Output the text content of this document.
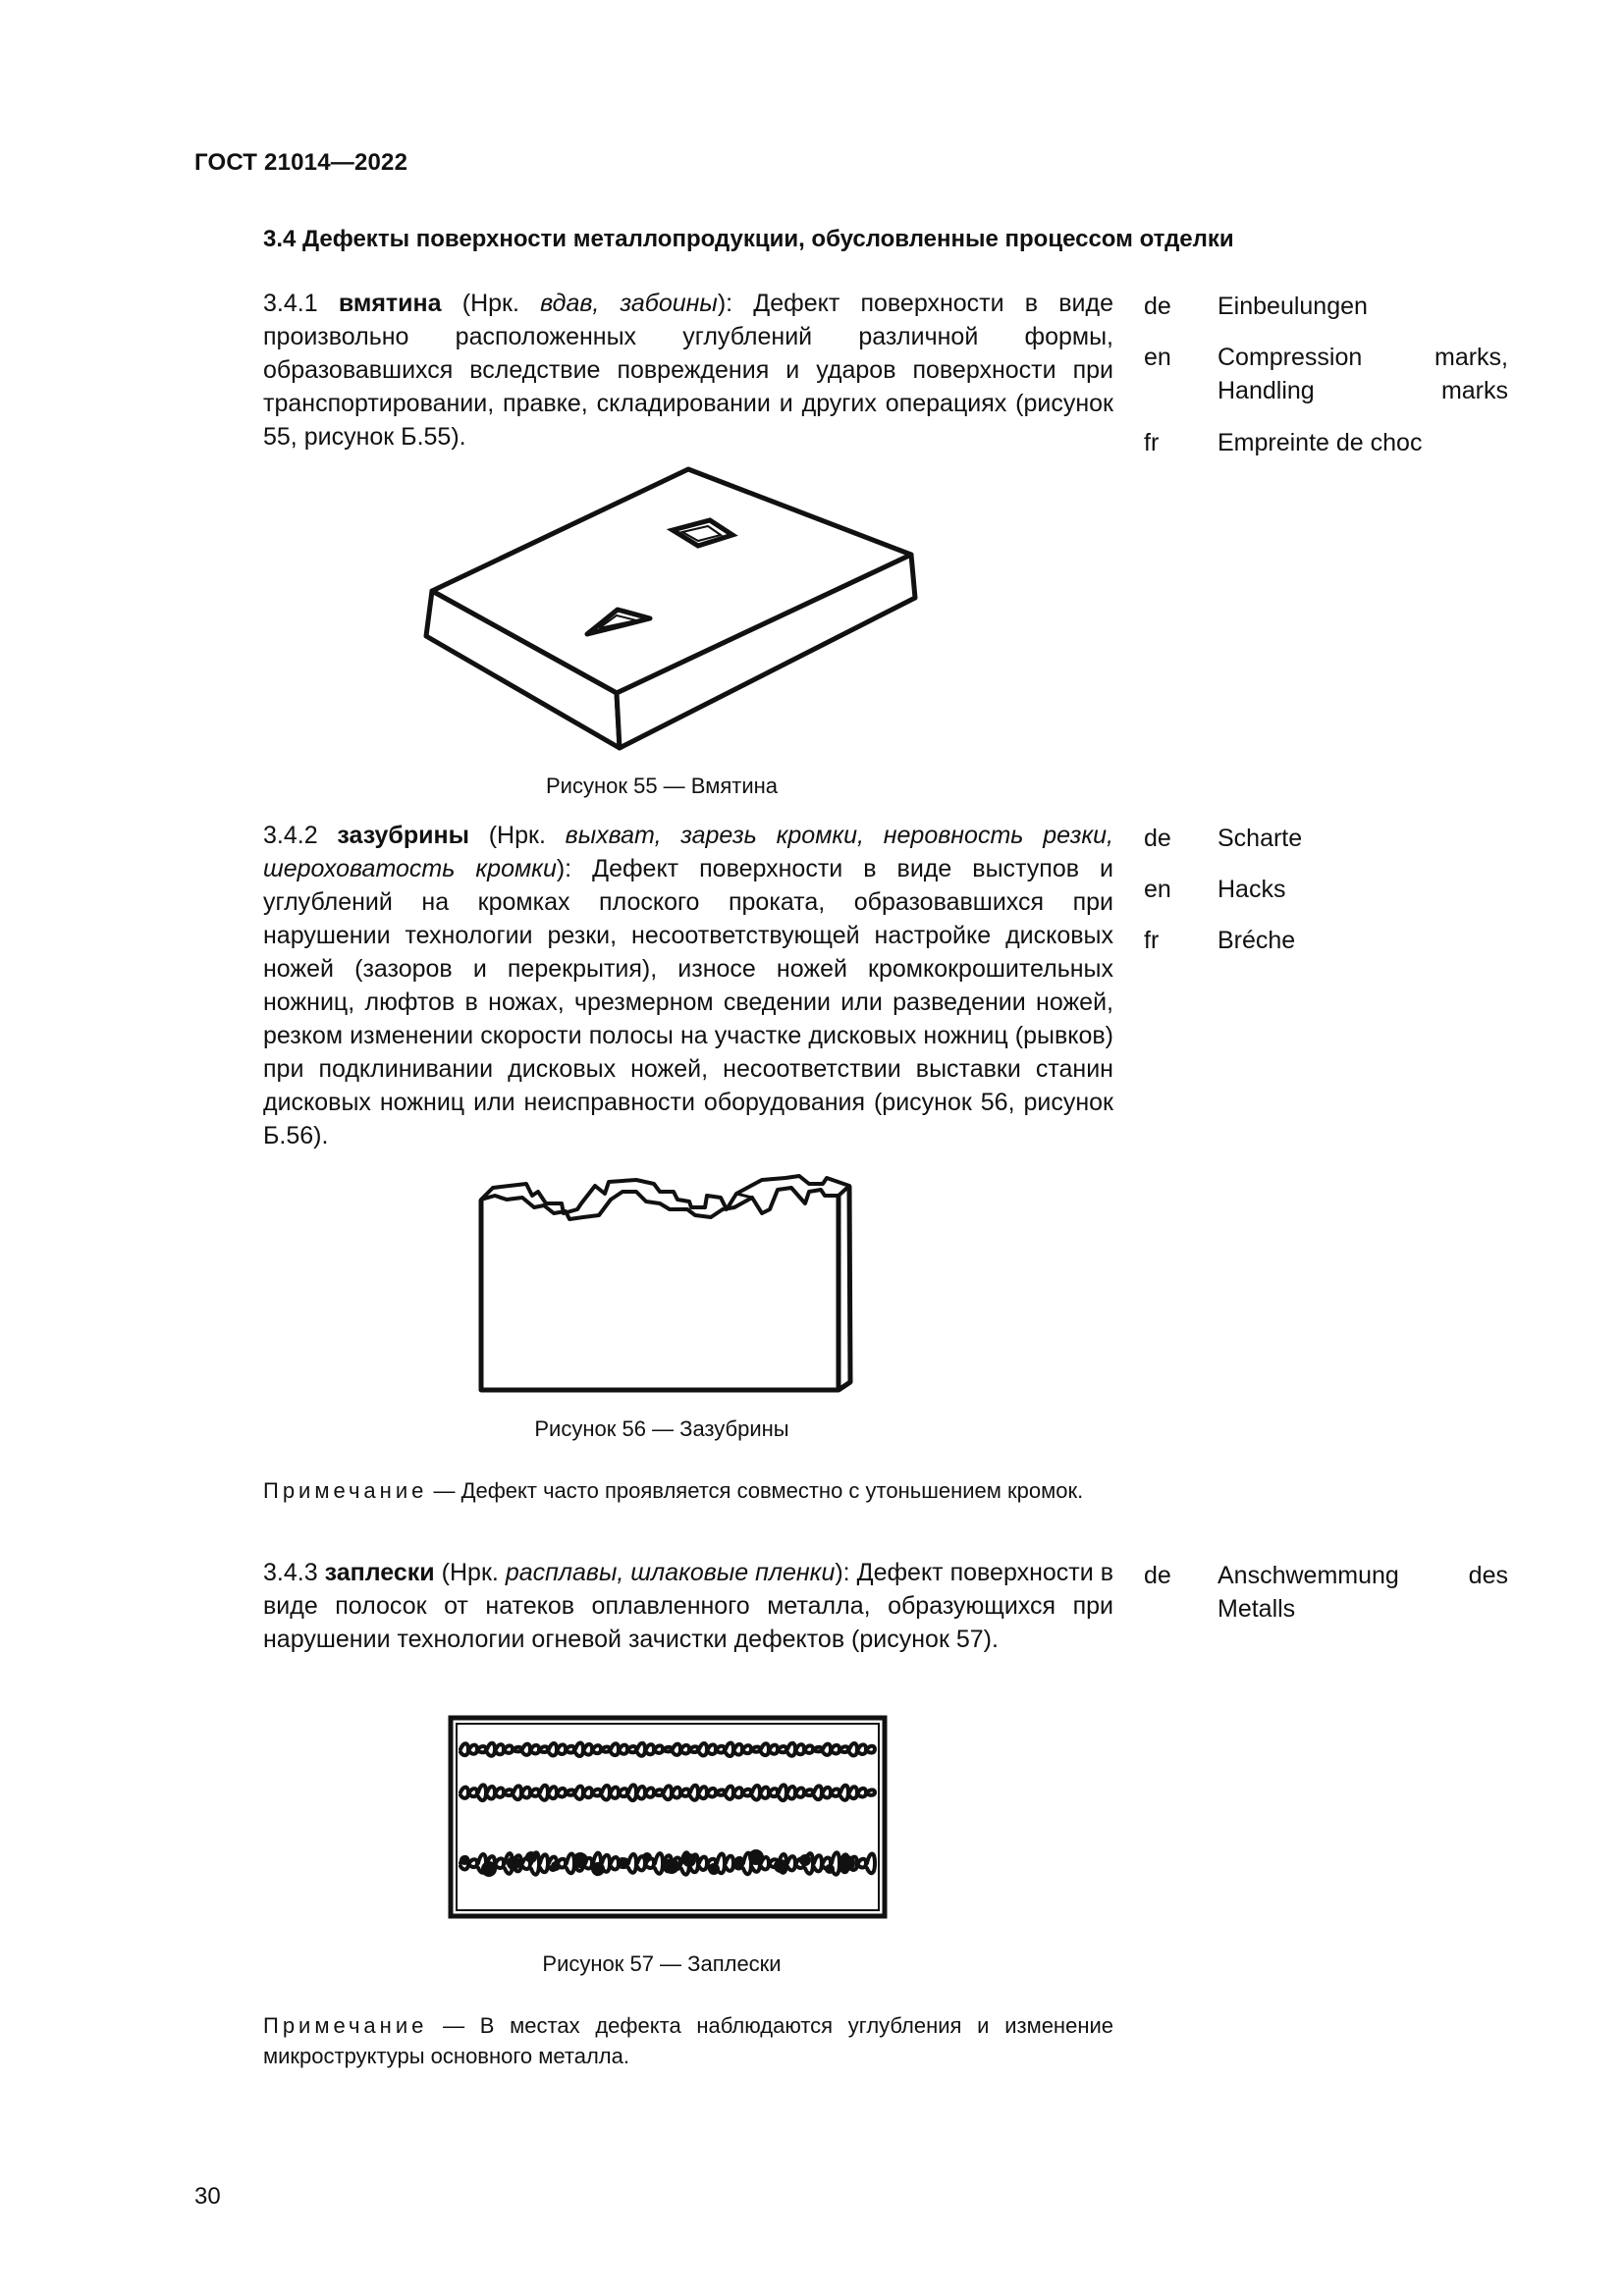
ГОСТ 21014—2022
3.4 Дефекты поверхности металлопродукции, обусловленные процессом отделки
3.4.1 вмятина (Нрк. вдав, забоины): Дефект поверхности в виде произвольно расположенных углублений различной формы, образовавшихся вследствие повреждения и ударов поверхности при транспортировании, правке, складировании и других операциях (рисунок 55, рисунок Б.55).
de Einbeulungen
en Compression marks, Handling marks
fr Empreinte de choc
Рисунок 55 — Вмятина
3.4.2 зазубрины (Нрк. выхват, зарезь кромки, неровность резки, шероховатость кромки): Дефект поверхности в виде выступов и углублений на кромках плоского проката, образовавшихся при нарушении технологии резки, несоответствующей настройке дисковых ножей (зазоров и перекрытия), износе ножей кромкокрошительных ножниц, люфтов в ножах, чрезмерном сведении или разведении ножей, резком изменении скорости полосы на участке дисковых ножниц (рывков) при подклинивании дисковых ножей, несоответствии выставки станин дисковых ножниц или неисправности оборудования (рисунок 56, рисунок Б.56).
de Scharte
en Hacks
fr Bréche
Рисунок 56 — Зазубрины
Примечание — Дефект часто проявляется совместно с утоньшением кромок.
3.4.3 заплески (Нрк. расплавы, шлаковые пленки): Дефект поверхности в виде полосок от натеков оплавленного металла, образующихся при нарушении технологии огневой зачистки дефектов (рисунок 57).
de Anschwemmung des Metalls
Рисунок 57 — Заплески
Примечание — В местах дефекта наблюдаются углубления и изменение микроструктуры основного металла.
30
